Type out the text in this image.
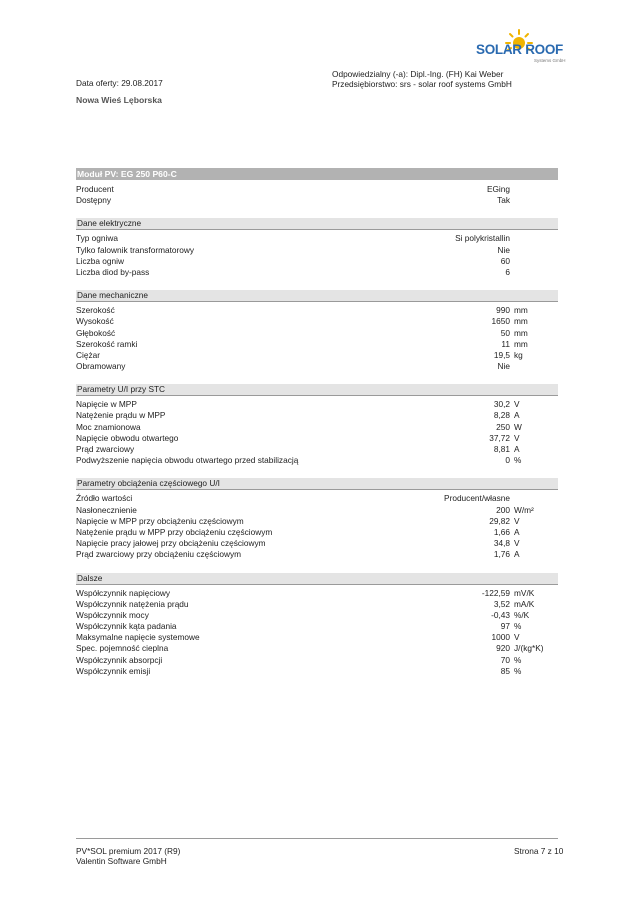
SOLAR ROOF
Systems GmbH
Odpowiedzialny (-a): Dipl.-Ing. (FH) Kai Weber
Przedsiębiorstwo: srs - solar roof systems GmbH
Data oferty: 29.08.2017
Nowa Wieś Lęborska
Moduł PV: EG 250 P60-C
Producent	EGing
Dostępny	Tak
Dane elektryczne
Typ ogniwa	Si polykristallin
Tylko falownik transformatorowy	Nie
Liczba ogniw	60
Liczba diod by-pass	6
Dane mechaniczne
Szerokość	990 mm
Wysokość	1650 mm
Głębokość	50 mm
Szerokość ramki	11 mm
Ciężar	19,5 kg
Obramowany	Nie
Parametry U/I przy STC
Napięcie w MPP	30,2 V
Natężenie prądu w MPP	8,28 A
Moc znamionowa	250 W
Napięcie obwodu otwartego	37,72 V
Prąd zwarciowy	8,81 A
Podwyższenie napięcia obwodu otwartego przed stabilizacją	0 %
Parametry obciążenia częściowego U/I
Źródło wartości	Producent/własne
Nasłonecznienie	200 W/m²
Napięcie w MPP przy obciążeniu częściowym	29,82 V
Natężenie prądu w MPP przy obciążeniu częściowym	1,66 A
Napięcie pracy jałowej przy obciążeniu częściowym	34,8 V
Prąd zwarciowy przy obciążeniu częściowym	1,76 A
Dalsze
Współczynnik napięciowy	-122,59 mV/K
Współczynnik natężenia prądu	3,52 mA/K
Współczynnik mocy	-0,43 %/K
Współczynnik kąta padania	97 %
Maksymalne napięcie systemowe	1000 V
Spec. pojemność cieplna	920 J/(kg*K)
Współczynnik absorpcji	70 %
Współczynnik emisji	85 %
PV*SOL premium 2017 (R9)
Valentin Software GmbH
Strona 7 z 10
